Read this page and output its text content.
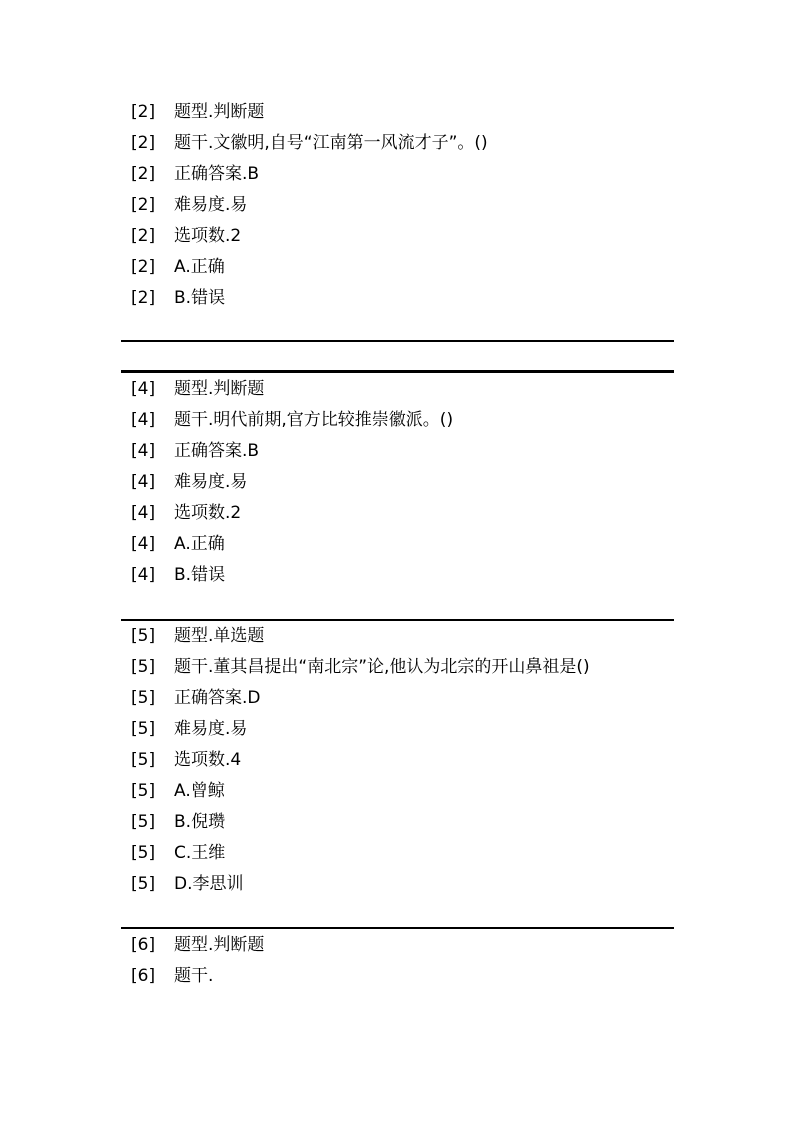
[2]	题型.判断题
[2]	题干.文徽明,自号“江南第一风流才子”。()
[2]	正确答案.B
[2]	难易度.易
[2]	选项数.2
[2]	A.正确
[2]	B.错误
[4]	题型.判断题
[4]	题干.明代前期,官方比较推崇徽派。()
[4]	正确答案.B
[4]	难易度.易
[4]	选项数.2
[4]	A.正确
[4]	B.错误
[5]	题型.单选题
[5]	题干.董其昌提出“南北宗”论,他认为北宗的开山鼻祖是()
[5]	正确答案.D
[5]	难易度.易
[5]	选项数.4
[5]	A.曾鲸
[5]	B.倪瓒
[5]	C.王维
[5]	D.李思训
[6]	题型.判断题
[6]	题干.
